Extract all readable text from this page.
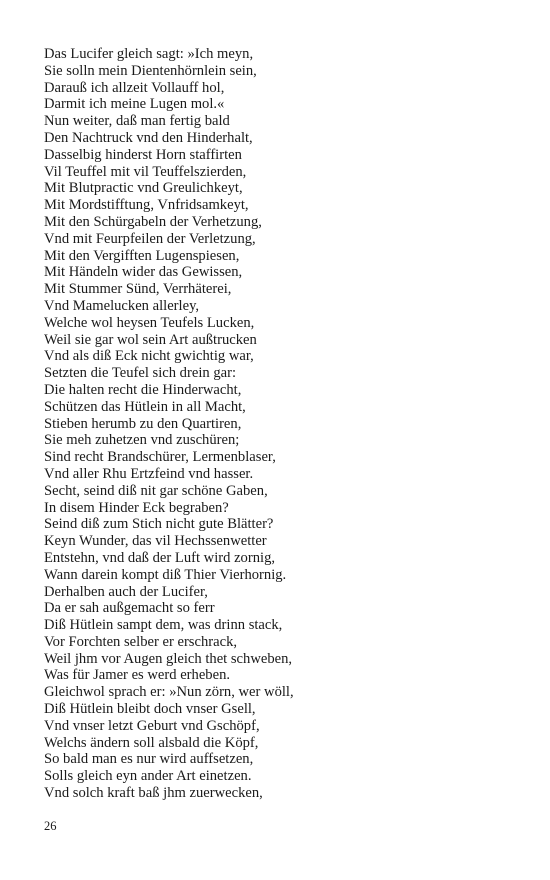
Das Lucifer gleich sagt: »Ich meyn,
Sie solln mein Dientenhörnlein sein,
Darauß ich allzeit Vollauff hol,
Darmit ich meine Lugen mol.«
Nun weiter, daß man fertig bald
Den Nachtruck vnd den Hinderhalt,
Dasselbig hinderst Horn staffirten
Vil Teuffel mit vil Teuffelszierden,
Mit Blutpractic vnd Greulichkeyt,
Mit Mordstifftung, Vnfridsamkeyt,
Mit den Schürgabeln der Verhetzung,
Vnd mit Feurpfeilen der Verletzung,
Mit den Vergifften Lugenspiesen,
Mit Händeln wider das Gewissen,
Mit Stummer Sünd, Verrhäterei,
Vnd Mamelucken allerley,
Welche wol heysen Teufels Lucken,
Weil sie gar wol sein Art außtrucken
Vnd als diß Eck nicht gwichtig war,
Setzten die Teufel sich drein gar:
Die halten recht die Hinderwacht,
Schützen das Hütlein in all Macht,
Stieben herumb zu den Quartiren,
Sie meh zuhetzen vnd zuschüren;
Sind recht Brandschürer, Lermenblaser,
Vnd aller Rhu Ertzfeind vnd hasser.
Secht, seind diß nit gar schöne Gaben,
In disem Hinder Eck begraben?
Seind diß zum Stich nicht gute Blätter?
Keyn Wunder, das vil Hechssenwetter
Entstehn, vnd daß der Luft wird zornig,
Wann darein kompt diß Thier Vierhornig.
Derhalben auch der Lucifer,
Da er sah außgemacht so ferr
Diß Hütlein sampt dem, was drinn stack,
Vor Forchten selber er erschrack,
Weil jhm vor Augen gleich thet schweben,
Was für Jamer es werd erheben.
Gleichwol sprach er: »Nun zörn, wer wöll,
Diß Hütlein bleibt doch vnser Gsell,
Vnd vnser letzt Geburt vnd Gschöpf,
Welchs ändern soll alsbald die Köpf,
So bald man es nur wird auffsetzen,
Solls gleich eyn ander Art einetzen.
Vnd solch kraft baß jhm zuerwecken,
26
